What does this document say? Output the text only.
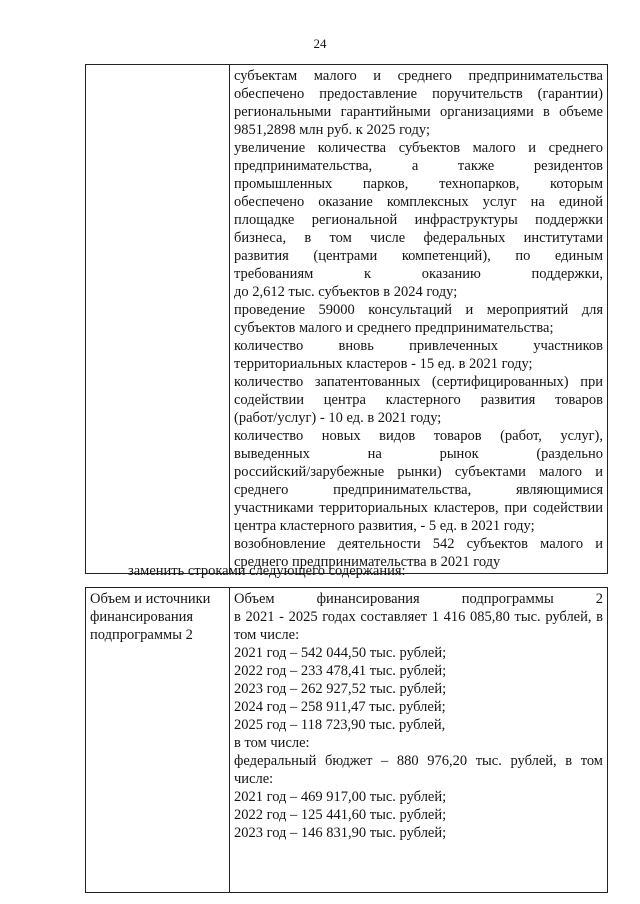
24

субъектам малого и среднего предпринимательства
обеспечено предоставление поручительств (гарантии)
региональными гарантийными организациями в объеме
9851,2898 млн руб. к 2025 году;
увеличение количества субъектов малого и среднего
предпринимательства, а также резидентов
промышленных парков, технопарков, которым
обеспечено оказание комплексных услуг на единой
площадке региональной инфраструктуры поддержки
бизнеса, в том числе федеральных институтами
развития (центрами компетенций), по единым
требованиям к оказанию поддержки,
до 2,612 тыс. субъектов в 2024 году;
проведение 59000 консультаций и мероприятий для
субъектов малого и среднего предпринимательства;
количество вновь привлеченных участников
территориальных кластеров - 15 ед. в 2021 году;
количество запатентованных (сертифицированных) при
содействии центра кластерного развития товаров
(работ/услуг) - 10 ед. в 2021 году;
количество новых видов товаров (работ, услуг),
выведенных на рынок (раздельно
российский/зарубежные рынки) субъектами малого и
среднего предпринимательства, являющимися
участниками территориальных кластеров, при содействии
центра кластерного развития, - 5 ед. в 2021 году;
возобновление деятельности 542 субъектов малого и
среднего предпринимательства в 2021 году
заменить строками следующего содержания:
Объем и источники
финансирования
подпрограммы 2

Объем финансирования подпрограммы 2
в 2021 - 2025 годах составляет 1 416 085,80 тыс. рублей, в
том числе:
2021 год – 542 044,50 тыс. рублей;
2022 год – 233 478,41 тыс. рублей;
2023 год – 262 927,52 тыс. рублей;
2024 год – 258 911,47 тыс. рублей;
2025 год – 118 723,90 тыс. рублей,
в том числе:
федеральный бюджет – 880 976,20 тыс. рублей, в том
числе:
2021 год – 469 917,00 тыс. рублей;
2022 год – 125 441,60 тыс. рублей;
2023 год – 146 831,90 тыс. рублей;
